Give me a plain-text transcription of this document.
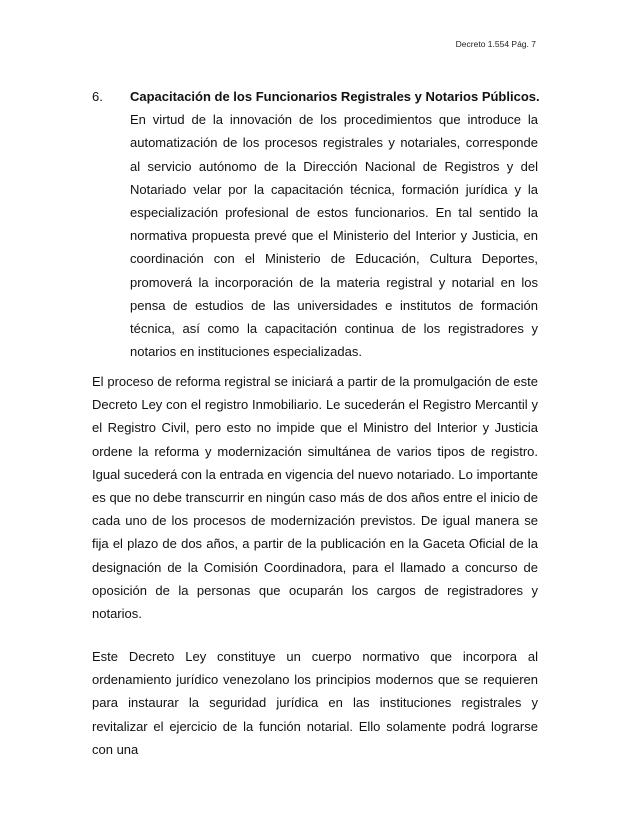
Decreto 1.554 Pág. 7
6. Capacitación de los Funcionarios Registrales y Notarios Públicos.
En virtud de la innovación de los procedimientos que introduce la automatización de los procesos registrales y notariales, corresponde al servicio autónomo de la Dirección Nacional de Registros y del Notariado velar por la capacitación técnica, formación jurídica y la especialización profesional de estos funcionarios. En tal sentido la normativa propuesta prevé que el Ministerio del Interior y Justicia, en coordinación con el Ministerio de Educación, Cultura Deportes, promoverá la incorporación de la materia registral y notarial en los pensa de estudios de las universidades e institutos de formación técnica, así como la capacitación continua de los registradores y notarios en instituciones especializadas.
El proceso de reforma registral se iniciará a partir de la promulgación de este Decreto Ley con el registro Inmobiliario. Le sucederán el Registro Mercantil y el Registro Civil, pero esto no impide que el Ministro del Interior y Justicia ordene la reforma y modernización simultánea de varios tipos de registro. Igual sucederá con la entrada en vigencia del nuevo notariado. Lo importante es que no debe transcurrir en ningún caso más de dos años entre el inicio de cada uno de los procesos de modernización previstos. De igual manera se fija el plazo de dos años, a partir de la publicación en la Gaceta Oficial de la designación de la Comisión Coordinadora, para el llamado a concurso de oposición de la personas que ocuparán los cargos de registradores y notarios.
Este Decreto Ley constituye un cuerpo normativo que incorpora al ordenamiento jurídico venezolano los principios modernos que se requieren para instaurar la seguridad jurídica en las instituciones registrales y revitalizar el ejercicio de la función notarial. Ello solamente podrá lograrse con una
